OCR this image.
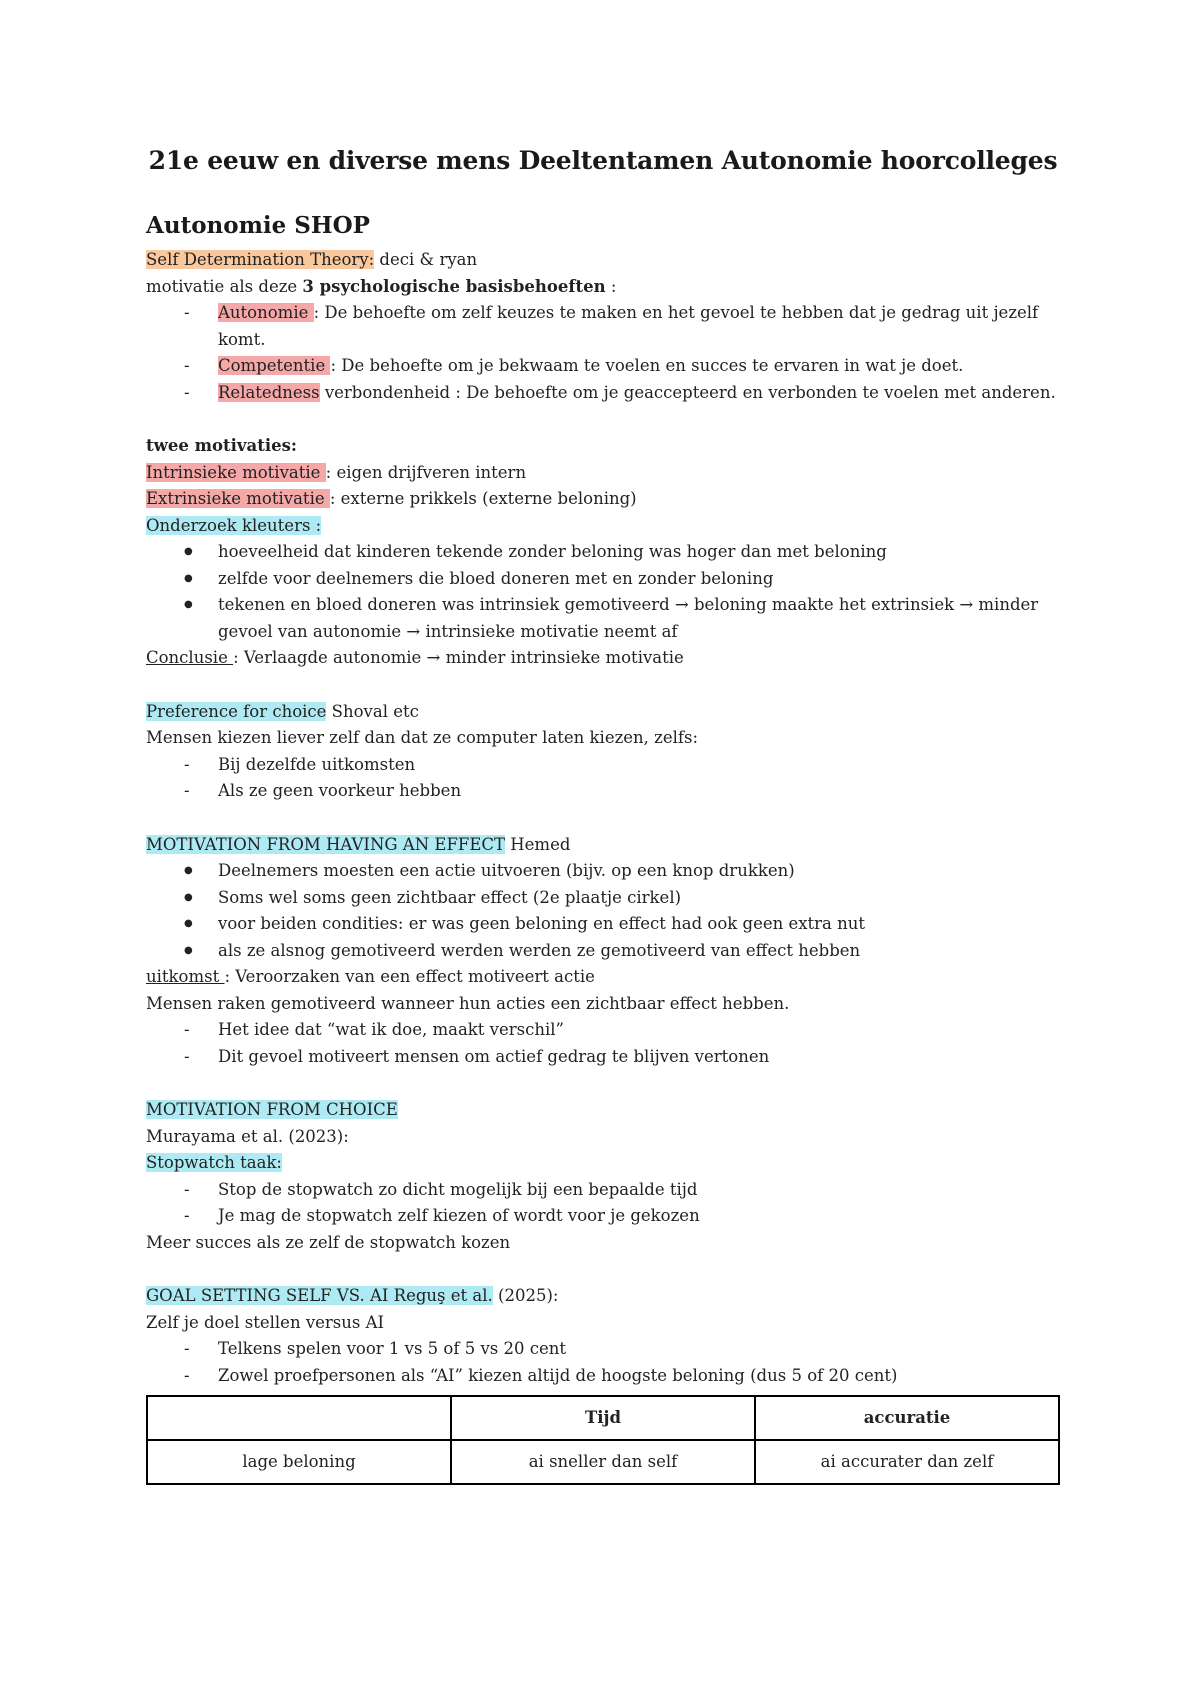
21e eeuw en diverse mens Deeltentamen Autonomie hoorcolleges
Autonomie SHOP

Self Determination Theory: deci & ryan

motivatie als deze 3 psychologische basisbehoeften :

- Autonomie : De behoefte om zelf keuzes te maken en het gevoel te hebben dat je gedrag uit jezelf komt.
- Competentie : De behoefte om je bekwaam te voelen en succes te ervaren in wat je doet.
- Relatedness verbondenheid : De behoefte om je geaccepteerd en verbonden te voelen met anderen.

twee motivaties:

Intrinsieke motivatie : eigen drijfveren intern

Extrinsieke motivatie : externe prikkels (externe beloning)

Onderzoek kleuters :

● hoeveelheid dat kinderen tekende zonder beloning was hoger dan met beloning
● zelfde voor deelnemers die bloed doneren met en zonder beloning
● tekenen en bloed doneren was intrinsiek gemotiveerd → beloning maakte het extrinsiek → minder gevoel van autonomie → intrinsieke motivatie neemt af

Conclusie : Verlaagde autonomie → minder intrinsieke motivatie

Preference for choice Shoval etc

Mensen kiezen liever zelf dan dat ze computer laten kiezen, zelfs:

- Bij dezelfde uitkomsten
- Als ze geen voorkeur hebben

MOTIVATION FROM HAVING AN EFFECT Hemed

● Deelnemers moesten een actie uitvoeren (bijv. op een knop drukken)
● Soms wel soms geen zichtbaar effect (2e plaatje cirkel)
● voor beiden condities: er was geen beloning en effect had ook geen extra nut
● als ze alsnog gemotiveerd werden werden ze gemotiveerd van effect hebben

uitkomst : Veroorzaken van een effect motiveert actie

Mensen raken gemotiveerd wanneer hun acties een zichtbaar effect hebben.

- Het idee dat “wat ik doe, maakt verschil”
- Dit gevoel motiveert mensen om actief gedrag te blijven vertonen

MOTIVATION FROM CHOICE

Murayama et al. (2023):

Stopwatch taak:

- Stop de stopwatch zo dicht mogelijk bij een bepaalde tijd
- Je mag de stopwatch zelf kiezen of wordt voor je gekozen

Meer succes als ze zelf de stopwatch kozen

GOAL SETTING SELF VS. AI Reguş et al. (2025):

Zelf je doel stellen versus AI

- Telkens spelen voor 1 vs 5 of 5 vs 20 cent
- Zowel proefpersonen als “AI” kiezen altijd de hoogste beloning (dus 5 of 20 cent)
	Tijd	accuratie
lage beloning	ai sneller dan self	ai accurater dan zelf
